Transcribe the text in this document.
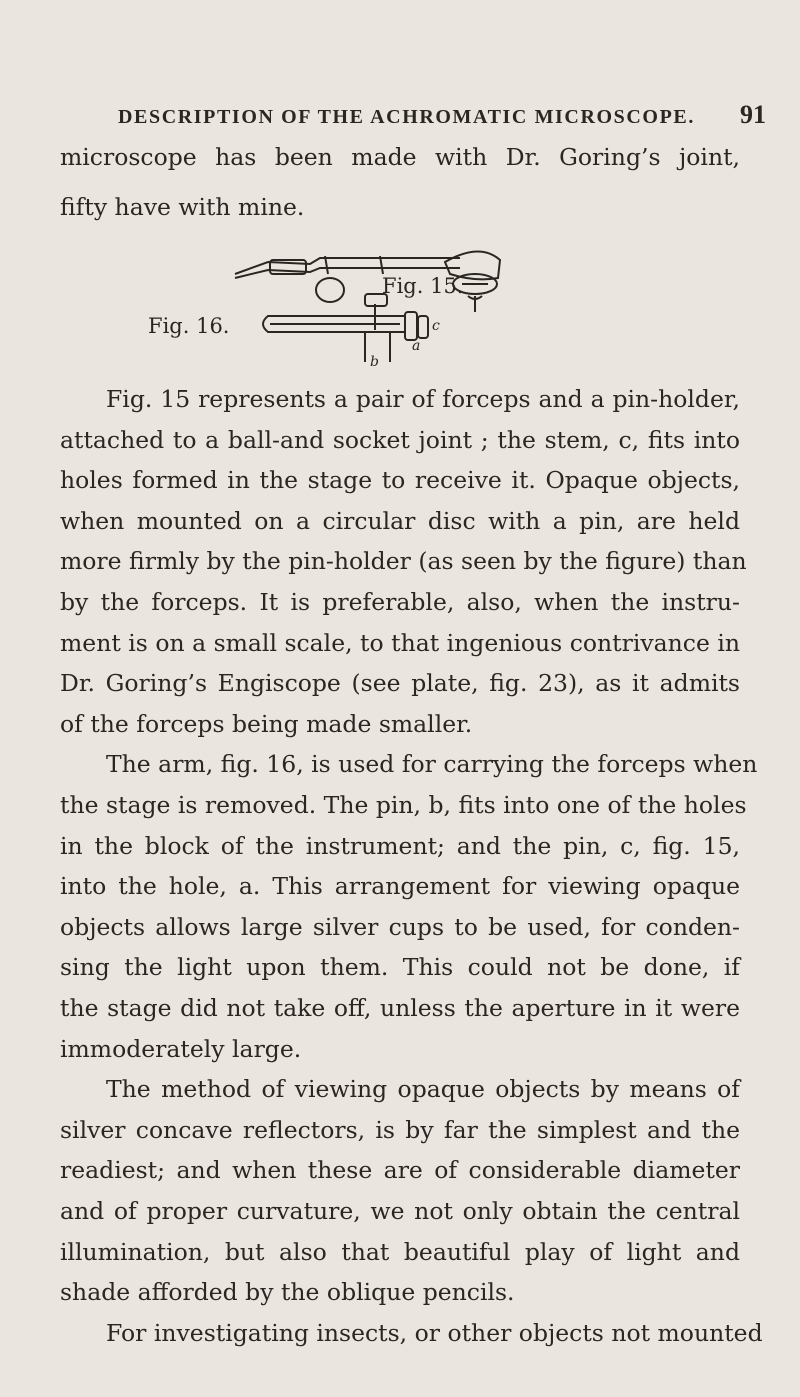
DESCRIPTION OF THE ACHROMATIC MICROSCOPE. 91
Fig. 15.
Fig. 16.
a
b
c
microscope has been made with Dr. Goring’s joint,
fifty have with mine.
Fig. 15 represents a pair of forceps and a pin-holder,
attached to a ball-and socket joint ; the stem, c, fits into
holes formed in the stage to receive it. Opaque objects,
when mounted on a circular disc with a pin, are held
more firmly by the pin-holder (as seen by the figure) than
by the forceps. It is preferable, also, when the instru-
ment is on a small scale, to that ingenious contrivance in
Dr. Goring’s Engiscope (see plate, fig. 23), as it admits
of the forceps being made smaller.
The arm, fig. 16, is used for carrying the forceps when
the stage is removed. The pin, b, fits into one of the holes
in the block of the instrument; and the pin, c, fig. 15,
into the hole, a. This arrangement for viewing opaque
objects allows large silver cups to be used, for conden-
sing the light upon them. This could not be done, if
the stage did not take off, unless the aperture in it were
immoderately large.
The method of viewing opaque objects by means of
silver concave reflectors, is by far the simplest and the
readiest; and when these are of considerable diameter
and of proper curvature, we not only obtain the central
illumination, but also that beautiful play of light and
shade afforded by the oblique pencils.
For investigating insects, or other objects not mounted
